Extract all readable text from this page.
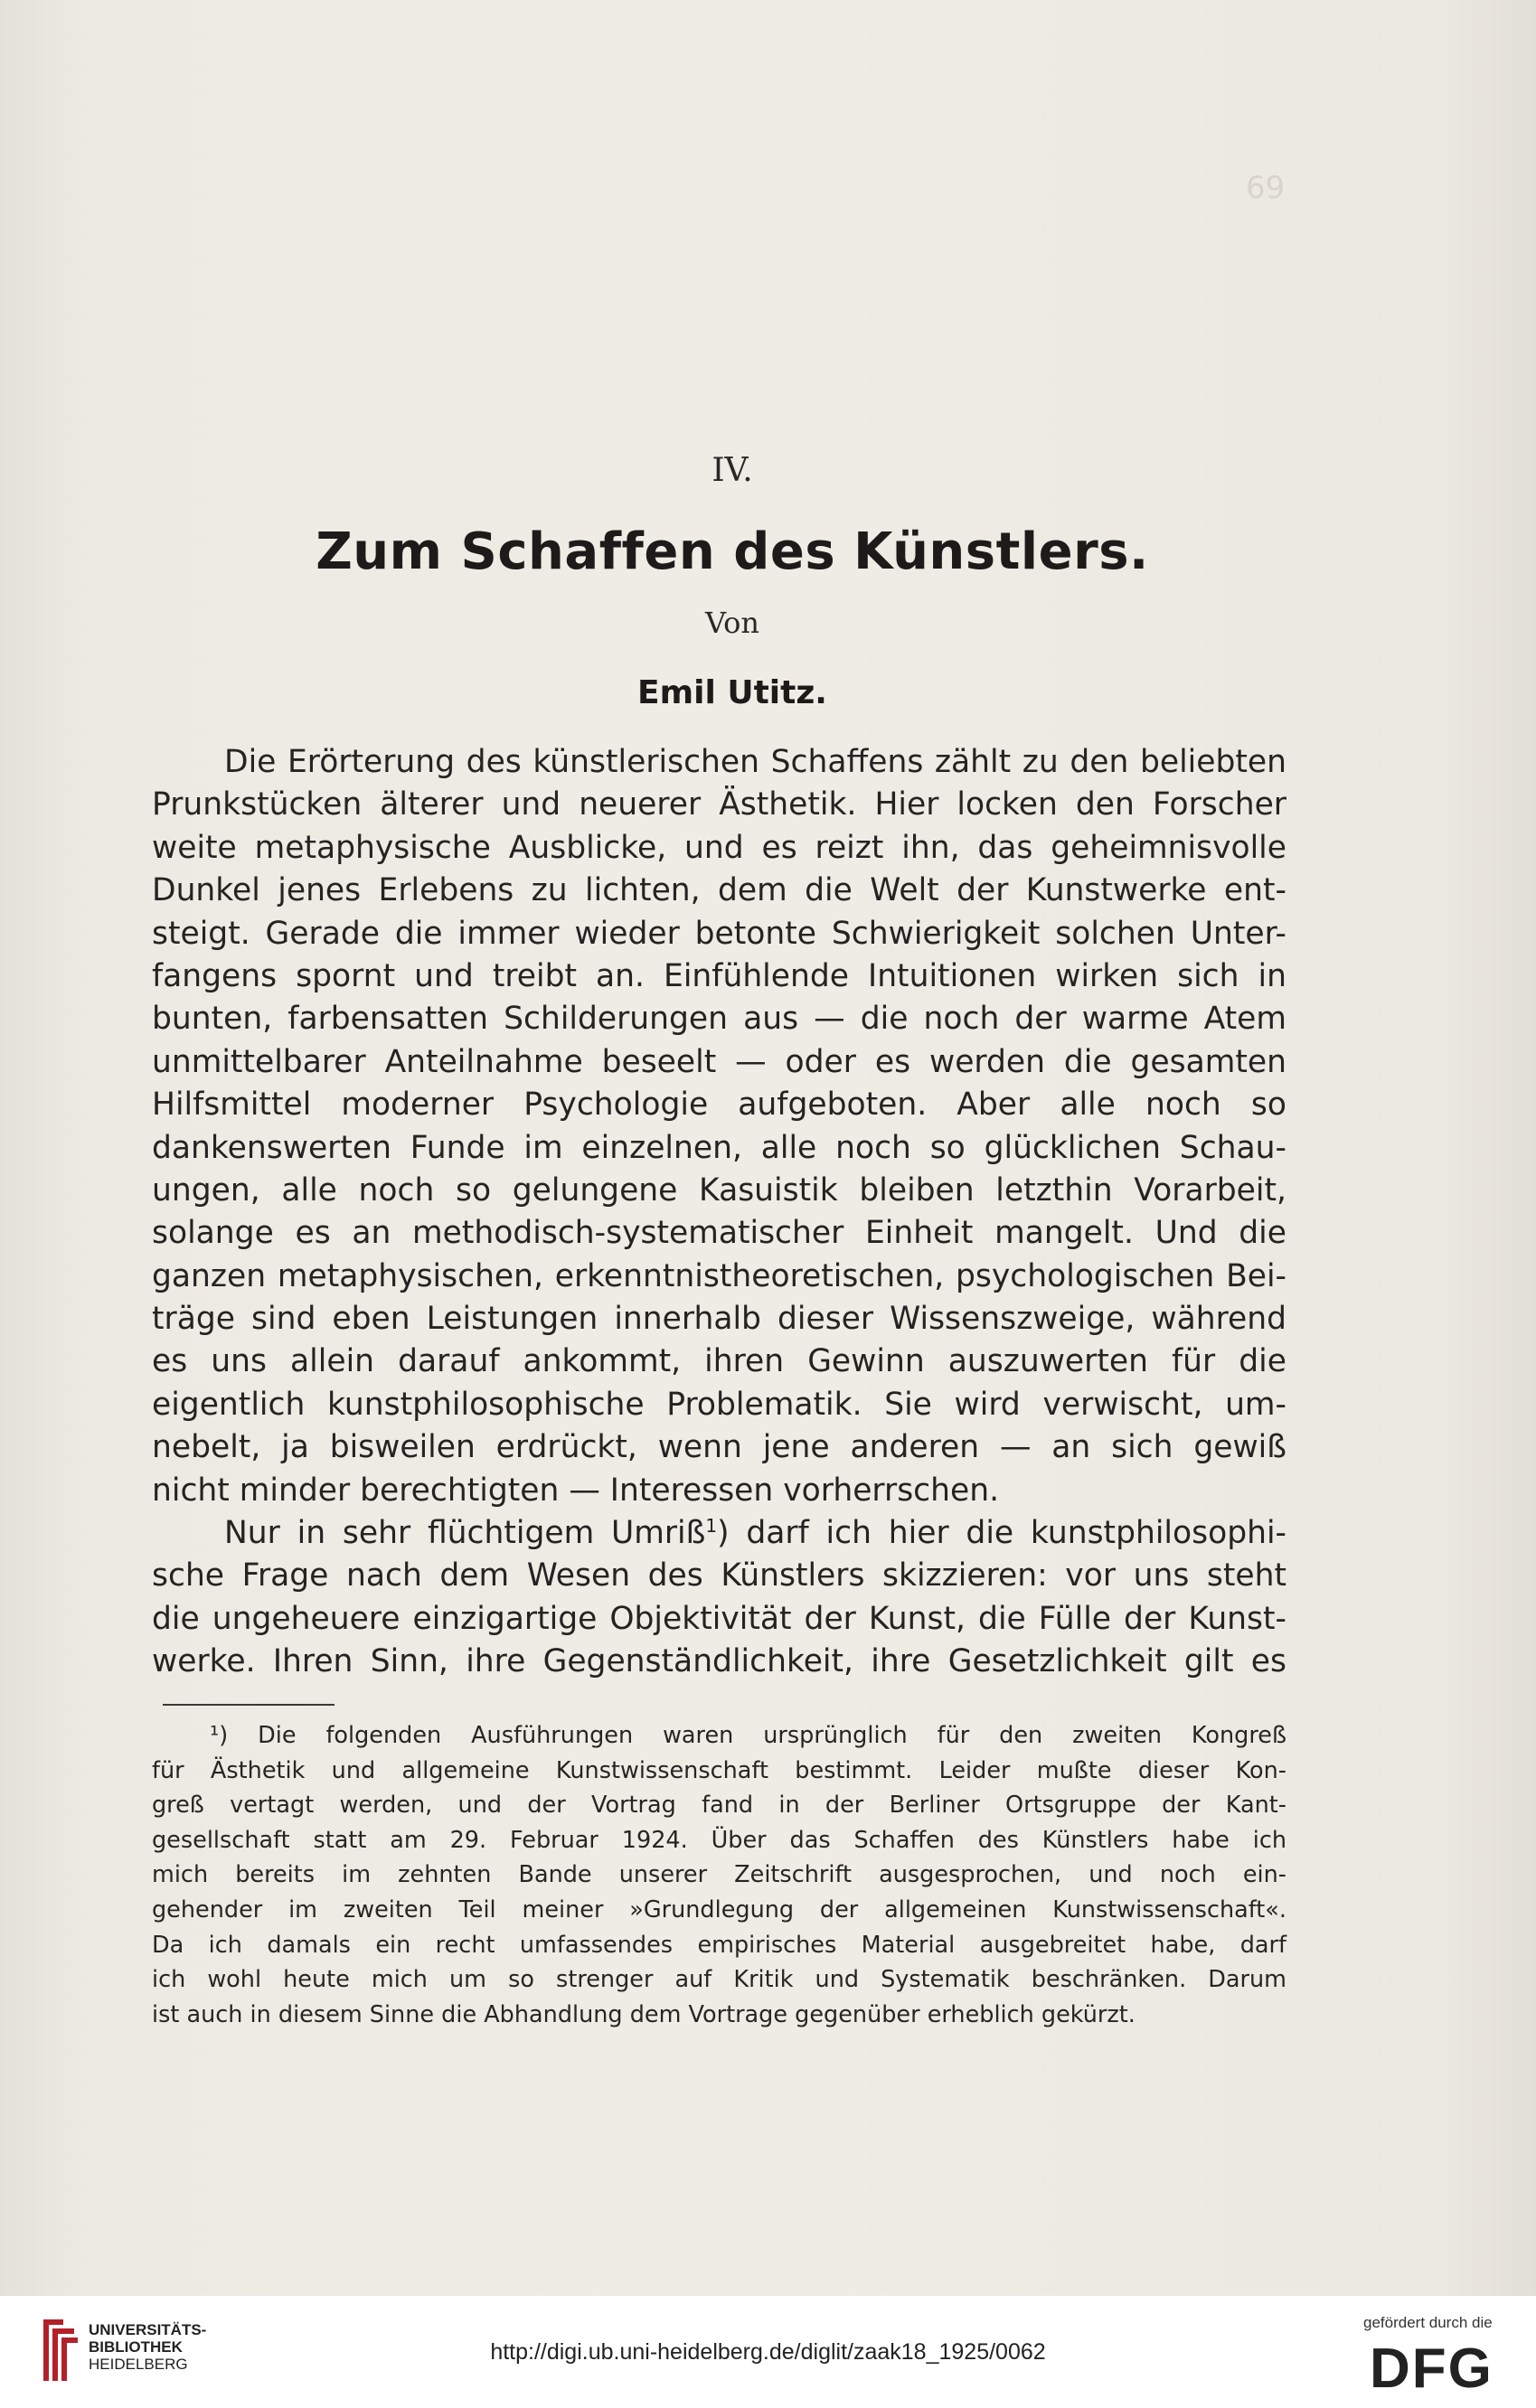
69
IV.
Zum Schaffen des Künstlers.
Von
Emil Utitz.
Die Erörterung des künstlerischen Schaffens zählt zu den beliebten
Prunkstücken älterer und neuerer Ästhetik. Hier locken den Forscher
weite metaphysische Ausblicke, und es reizt ihn, das geheimnisvolle
Dunkel jenes Erlebens zu lichten, dem die Welt der Kunstwerke ent-
steigt. Gerade die immer wieder betonte Schwierigkeit solchen Unter-
fangens spornt und treibt an. Einfühlende Intuitionen wirken sich in
bunten, farbensatten Schilderungen aus — die noch der warme Atem
unmittelbarer Anteilnahme beseelt — oder es werden die gesamten
Hilfsmittel moderner Psychologie aufgeboten. Aber alle noch so
dankenswerten Funde im einzelnen, alle noch so glücklichen Schau-
ungen, alle noch so gelungene Kasuistik bleiben letzthin Vorarbeit,
solange es an methodisch-systematischer Einheit mangelt. Und die
ganzen metaphysischen, erkenntnistheoretischen, psychologischen Bei-
träge sind eben Leistungen innerhalb dieser Wissenszweige, während
es uns allein darauf ankommt, ihren Gewinn auszuwerten für die
eigentlich kunstphilosophische Problematik. Sie wird verwischt, um-
nebelt, ja bisweilen erdrückt, wenn jene anderen — an sich gewiß
nicht minder berechtigten — Interessen vorherrschen.
Nur in sehr flüchtigem Umriß$^1$) darf ich hier die kunstphilosophi-
sche Frage nach dem Wesen des Künstlers skizzieren: vor uns steht
die ungeheuere einzigartige Objektivität der Kunst, die Fülle der Kunst-
werke. Ihren Sinn, ihre Gegenständlichkeit, ihre Gesetzlichkeit gilt es
¹) Die folgenden Ausführungen waren ursprünglich für den zweiten Kongreß
für Ästhetik und allgemeine Kunstwissenschaft bestimmt. Leider mußte dieser Kon-
greß vertagt werden, und der Vortrag fand in der Berliner Ortsgruppe der Kant-
gesellschaft statt am 29. Februar 1924. Über das Schaffen des Künstlers habe ich
mich bereits im zehnten Bande unserer Zeitschrift ausgesprochen, und noch ein-
gehender im zweiten Teil meiner »Grundlegung der allgemeinen Kunstwissenschaft«.
Da ich damals ein recht umfassendes empirisches Material ausgebreitet habe, darf
ich wohl heute mich um so strenger auf Kritik und Systematik beschränken. Darum
ist auch in diesem Sinne die Abhandlung dem Vortrage gegenüber erheblich gekürzt.
UNIVERSITÄTS-
BIBLIOTHEK
HEIDELBERG	http://digi.ub.uni-heidelberg.de/diglit/zaak18_1925/0062
gefördert durch die
DFG
